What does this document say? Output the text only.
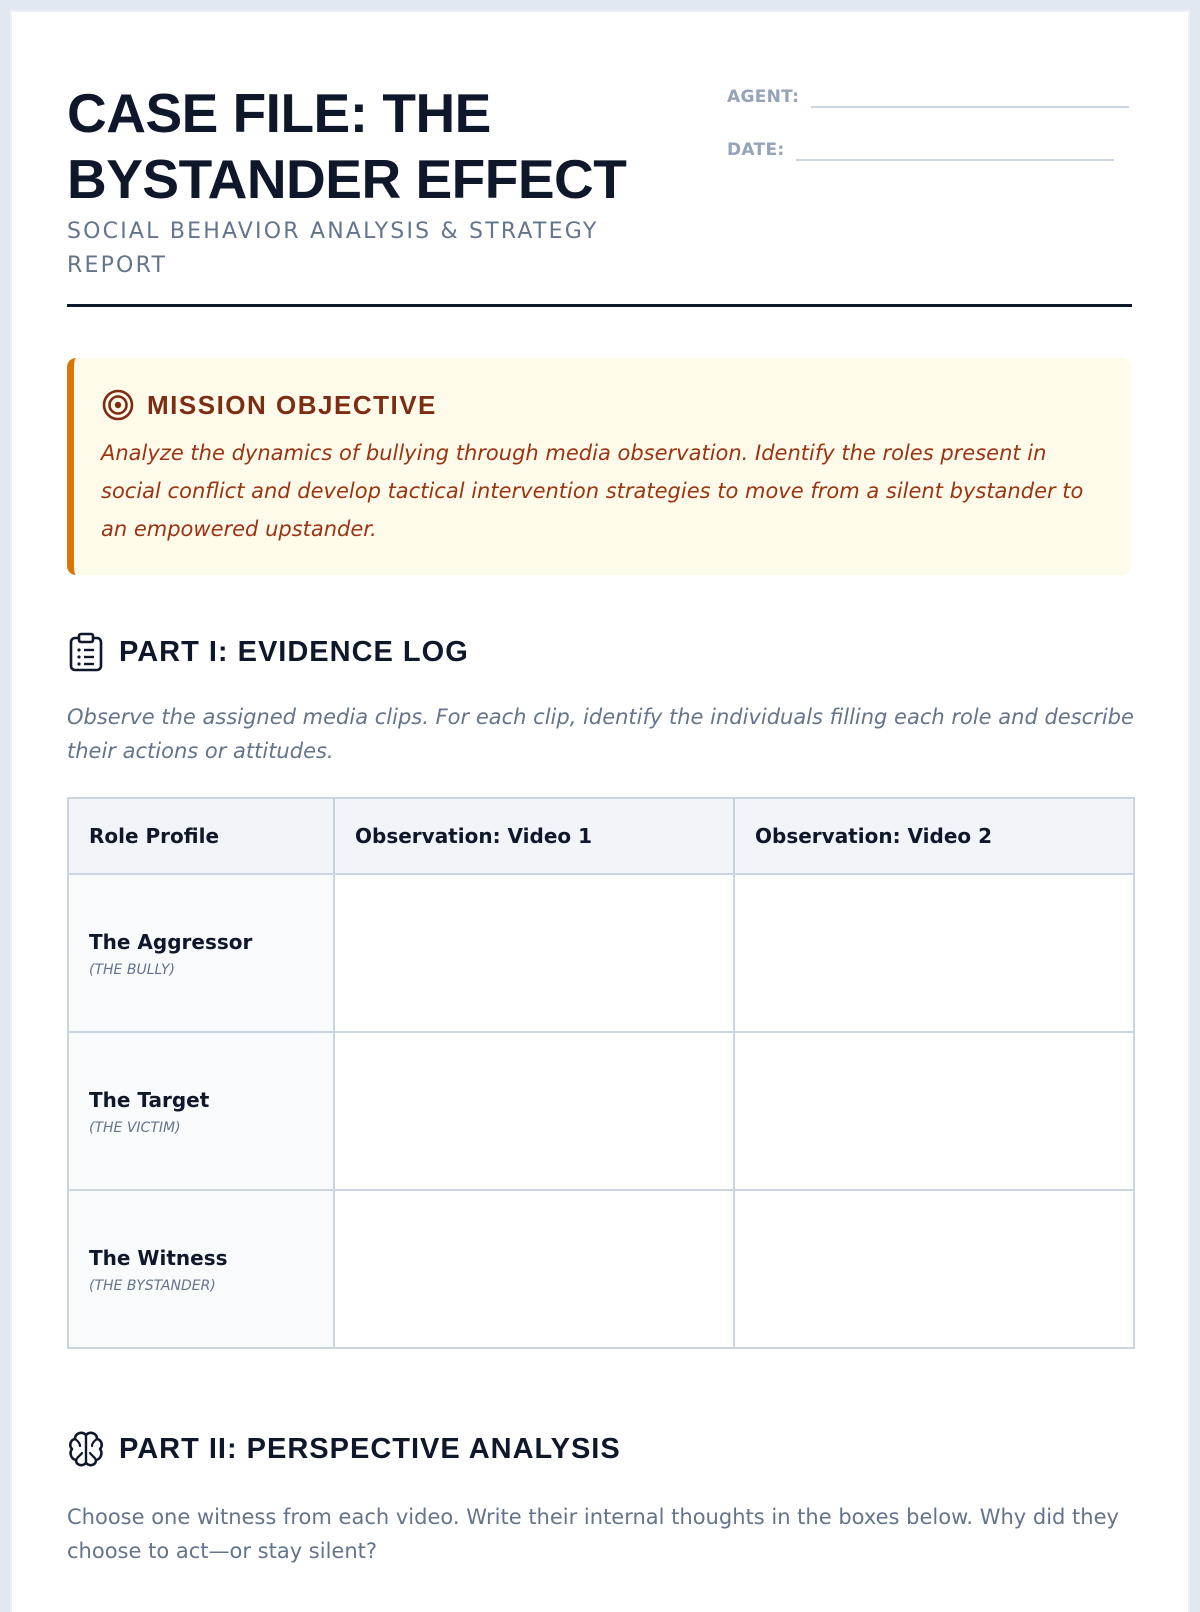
CASE FILE: THE
BYSTANDER EFFECT

SOCIAL BEHAVIOR ANALYSIS & STRATEGY REPORT

AGENT:
DATE:
MISSION OBJECTIVE

Analyze the dynamics of bullying through media observation. Identify the roles present in social conflict and develop tactical intervention strategies to move from a silent bystander to an empowered upstander.

PART I: EVIDENCE LOG

Observe the assigned media clips. For each clip, identify the individuals filling each role and describe their actions or attitudes.

Role Profile	Observation: Video 1	Observation: Video 2

The Aggressor
(THE BULLY)		

The Target
(THE VICTIM)		

The Witness
(THE BYSTANDER)		

PART II: PERSPECTIVE ANALYSIS

Choose one witness from each video. Write their internal thoughts in the boxes below. Why did they choose to act—or stay silent?
